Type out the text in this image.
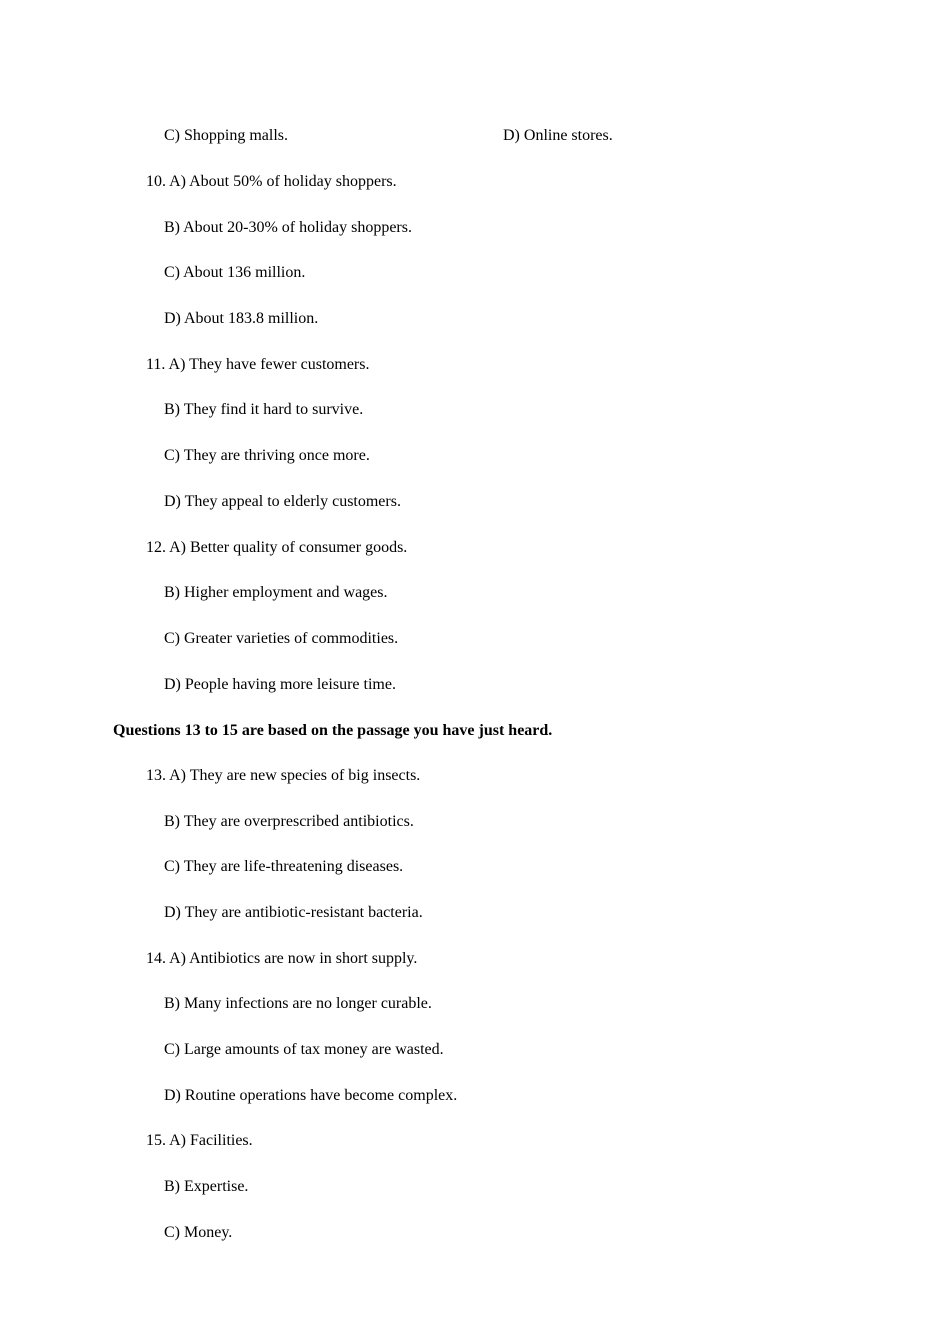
C) Shopping malls.	D) Online stores.
10. A) About 50% of holiday shoppers.
B) About 20-30% of holiday shoppers.
C) About 136 million.
D) About 183.8 million.
11. A) They have fewer customers.
B) They find it hard to survive.
C) They are thriving once more.
D) They appeal to elderly customers.
12. A) Better quality of consumer goods.
B) Higher employment and wages.
C) Greater varieties of commodities.
D) People having more leisure time.
Questions 13 to 15 are based on the passage you have just heard.
13. A) They are new species of big insects.
B) They are overprescribed antibiotics.
C) They are life-threatening diseases.
D) They are antibiotic-resistant bacteria.
14. A) Antibiotics are now in short supply.
B) Many infections are no longer curable.
C) Large amounts of tax money are wasted.
D) Routine operations have become complex.
15. A) Facilities.
B) Expertise.
C) Money.
